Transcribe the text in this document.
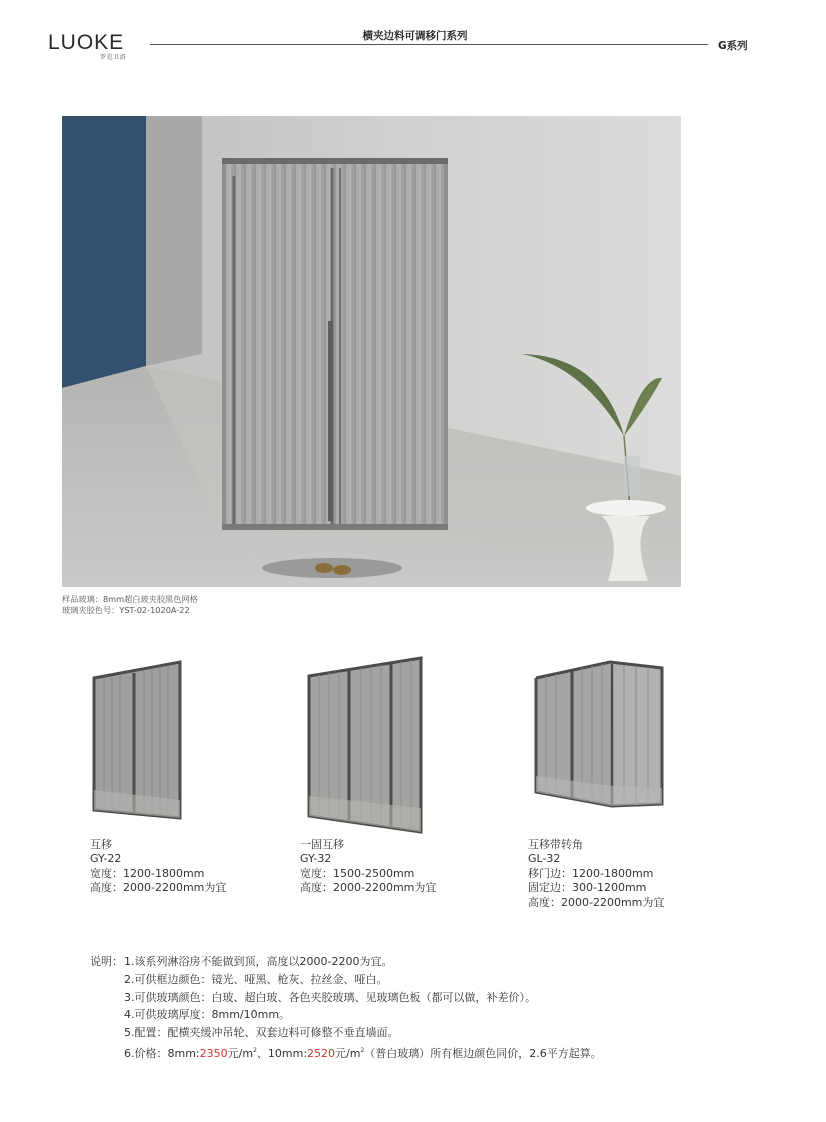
LUOKE
罗克卫浴
横夹边料可调移门系列
G系列
样品玻璃：8mm超白玻夹胶黑色网格
玻璃夹胶色号：YST-02-1020A-22
互移
GY-22
宽度：1200-1800mm
高度：2000-2200mm为宜
一固互移
GY-32
宽度：1500-2500mm
高度：2000-2200mm为宜
互移带转角
GL-32
移门边：1200-1800mm
固定边：300-1200mm
高度：2000-2200mm为宜
说明： 1.该系列淋浴房不能做到顶，高度以2000-2200为宜。
2.可供框边颜色：镜光、哑黑、枪灰、拉丝金、哑白。
3.可供玻璃颜色：白玻、超白玻、各色夹胶玻璃、见玻璃色板（都可以做，补差价）。
4.可供玻璃厚度：8mm/10mm。
5.配置：配横夹缓冲吊轮、双套边料可修整不垂直墙面。
6.价格：8mm:2350元$/m^2$、10mm:2520元$/m^2$（普白玻璃）所有框边颜色同价，2.6平方起算。
